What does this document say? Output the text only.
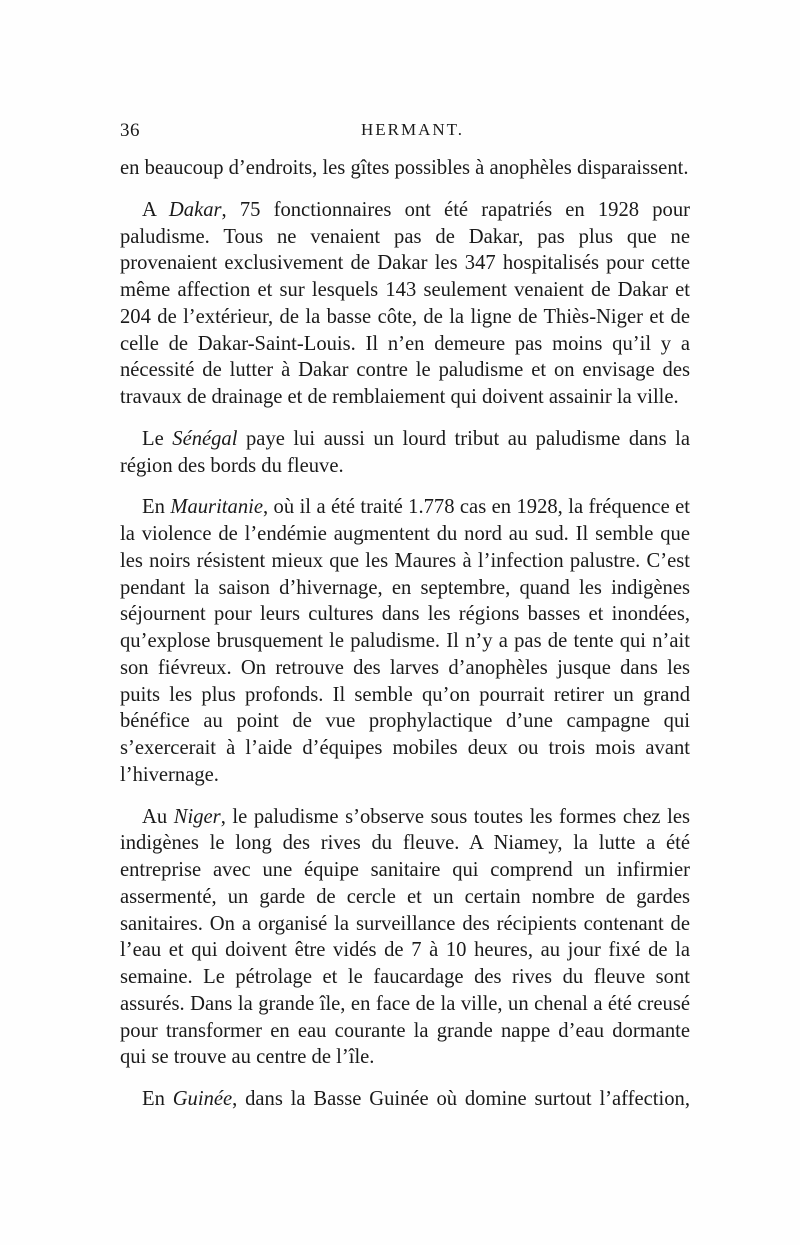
36	HERMANT.

en beaucoup d’endroits, les gîtes possibles à anophèles disparaissent.

A Dakar, 75 fonctionnaires ont été rapatriés en 1928 pour paludisme. Tous ne venaient pas de Dakar, pas plus que ne provenaient exclusivement de Dakar les 347 hospitalisés pour cette même affection et sur lesquels 143 seulement venaient de Dakar et 204 de l’extérieur, de la basse côte, de la ligne de Thiès-Niger et de celle de Dakar-Saint-Louis. Il n’en demeure pas moins qu’il y a nécessité de lutter à Dakar contre le paludisme et on envisage des travaux de drainage et de remblaiement qui doivent assainir la ville.

Le Sénégal paye lui aussi un lourd tribut au paludisme dans la région des bords du fleuve.

En Mauritanie, où il a été traité 1.778 cas en 1928, la fréquence et la violence de l’endémie augmentent du nord au sud. Il semble que les noirs résistent mieux que les Maures à l’infection palustre. C’est pendant la saison d’hivernage, en septembre, quand les indigènes séjournent pour leurs cultures dans les régions basses et inondées, qu’explose brusquement le paludisme. Il n’y a pas de tente qui n’ait son fiévreux. On retrouve des larves d’anophèles jusque dans les puits les plus profonds. Il semble qu’on pourrait retirer un grand bénéfice au point de vue prophylactique d’une campagne qui s’exercerait à l’aide d’équipes mobiles deux ou trois mois avant l’hivernage.

Au Niger, le paludisme s’observe sous toutes les formes chez les indigènes le long des rives du fleuve. A Niamey, la lutte a été entreprise avec une équipe sanitaire qui comprend un infirmier assermenté, un garde de cercle et un certain nombre de gardes sanitaires. On a organisé la surveillance des récipients contenant de l’eau et qui doivent être vidés de 7 à 10 heures, au jour fixé de la semaine. Le pétrolage et le faucardage des rives du fleuve sont assurés. Dans la grande île, en face de la ville, un chenal a été creusé pour transformer en eau courante la grande nappe d’eau dormante qui se trouve au centre de l’île.

En Guinée, dans la Basse Guinée où domine surtout l’affection,
